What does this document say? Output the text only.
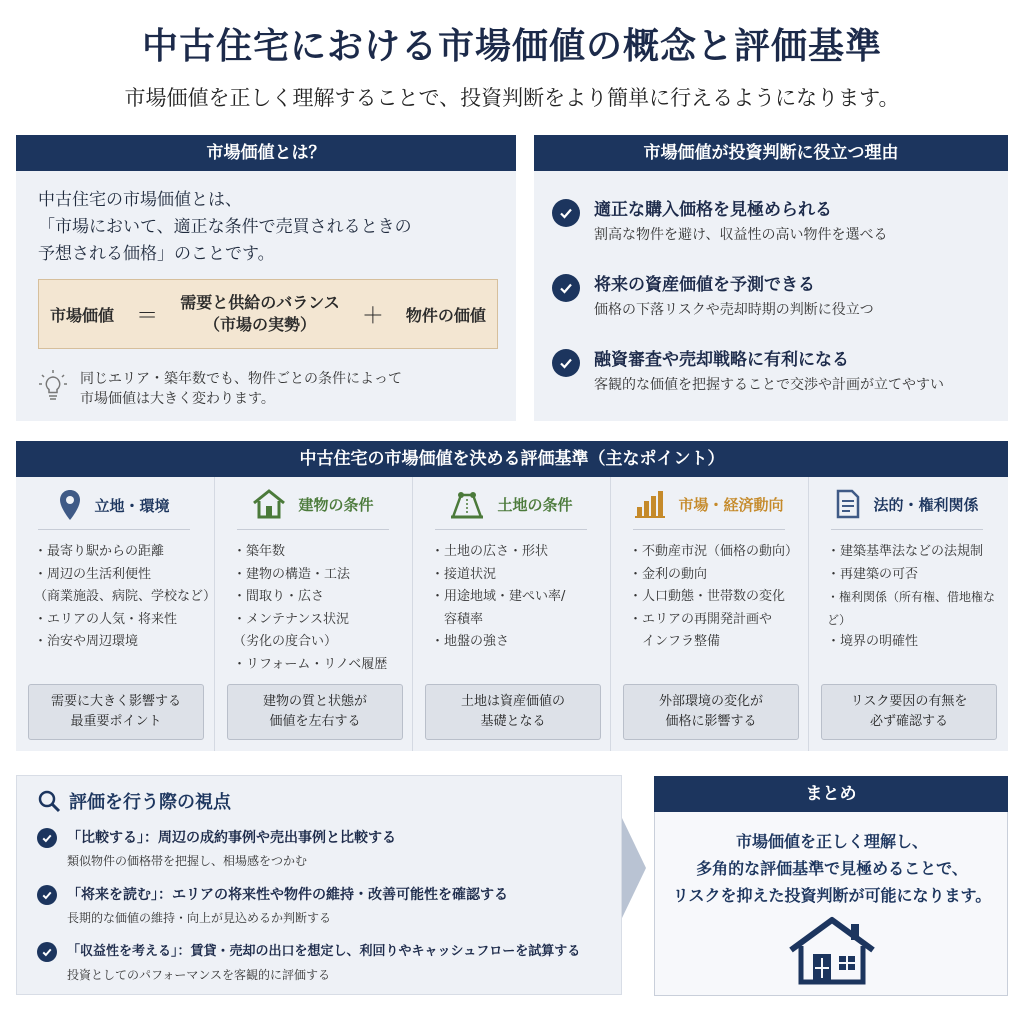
中古住宅における市場価値の概念と評価基準
市場価値を正しく理解することで、投資判断をより簡単に行えるようになります。
市場価値とは？
中古住宅の市場価値とは、
「市場において、適正な条件で売買されるときの
予想される価格」のことです。
市場価値 ＝
需要と供給のバランス
（市場の実勢）	＋ 物件の価値
同じエリア・築年数でも、物件ごとの条件によって
市場価値は大きく変わります。
市場価値が投資判断に役立つ理由
適正な購入価格を見極められる
割高な物件を避け、収益性の高い物件を選べる
将来の資産価値を予測できる
価格の下落リスクや売却時期の判断に役立つ
融資審査や売却戦略に有利になる
客観的な価値を把握することで交渉や計画が立てやすい
中古住宅の市場価値を決める評価基準（主なポイント）
立地・環境
・最寄り駅からの距離
・周辺の生活利便性
（商業施設、病院、学校など）
・エリアの人気・将来性
・治安や周辺環境
需要に大きく影響する
最重要ポイント
建物の条件
・築年数
・建物の構造・工法
・間取り・広さ
・メンテナンス状況
（劣化の度合い）
・リフォーム・リノベ履歴
建物の質と状態が
価値を左右する
土地の条件
・土地の広さ・形状
・接道状況
・用途地域・建ぺい率/
　容積率
・地盤の強さ
土地は資産価値の
基礎となる
市場・経済動向
・不動産市況（価格の動向）
・金利の動向
・人口動態・世帯数の変化
・エリアの再開発計画や
　インフラ整備
外部環境の変化が
価格に影響する
法的・権利関係
・建築基準法などの法規制
・再建築の可否
・権利関係（所有権、借地権など）
・境界の明確性
リスク要因の有無を
必ず確認する
評価を行う際の視点
「比較する」：周辺の成約事例や売出事例と比較する
類似物件の価格帯を把握し、相場感をつかむ
「将来を読む」：エリアの将来性や物件の維持・改善可能性を確認する
長期的な価値の維持・向上が見込めるか判断する
「収益性を考える」：賃貸・売却の出口を想定し、利回りやキャッシュフローを試算する
投資としてのパフォーマンスを客観的に評価する
まとめ
市場価値を正しく理解し、
多角的な評価基準で見極めることで、
リスクを抑えた投資判断が可能になります。
